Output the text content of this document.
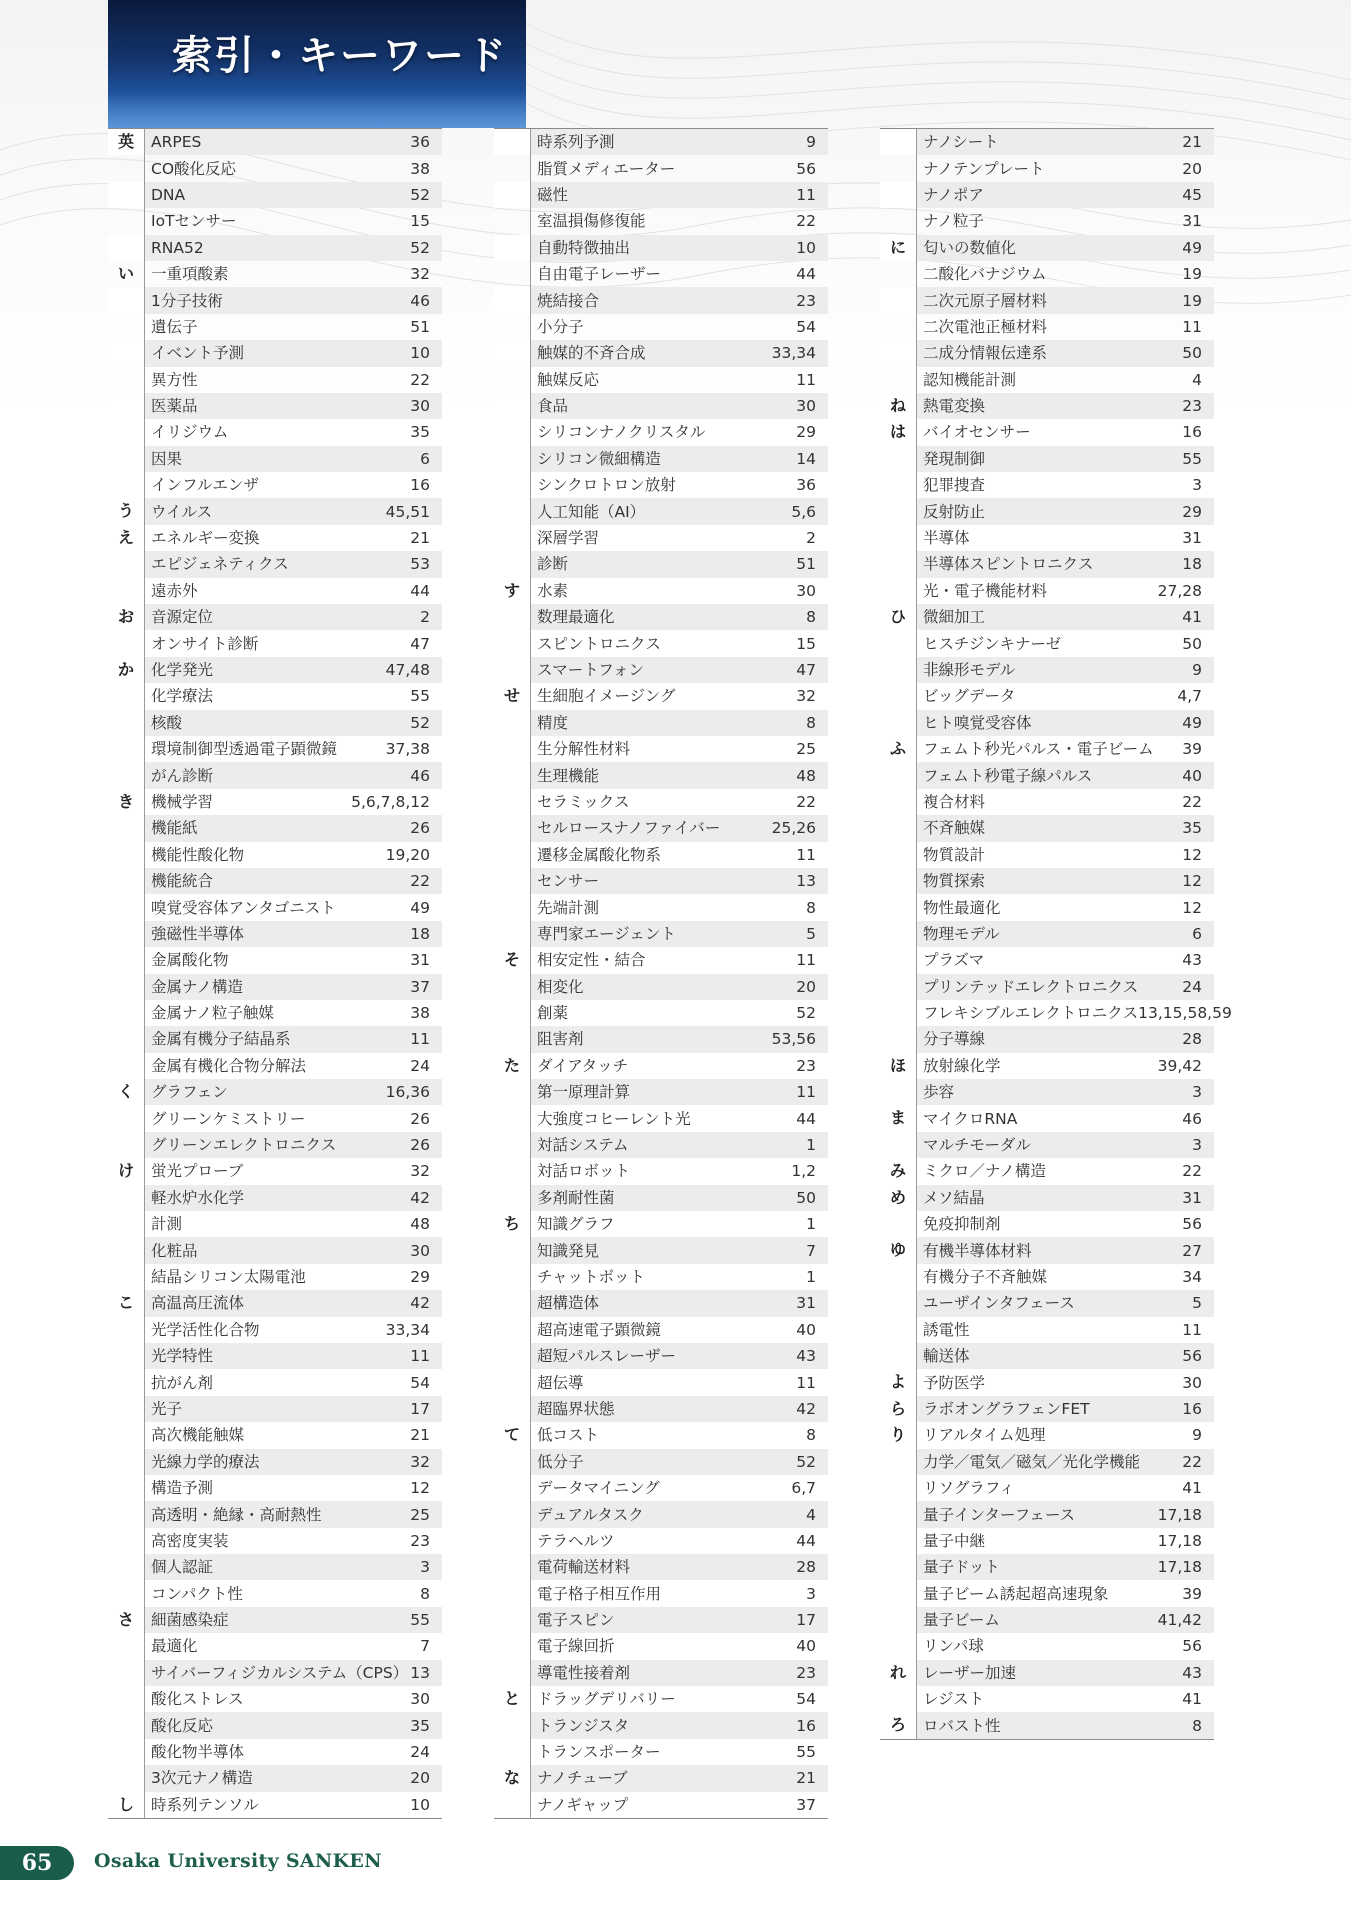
索引・キーワード
英	ARPES	36
CO酸化反応	38
DNA	52
IoTセンサー	15
RNA52	52
い	一重項酸素	32
1分子技術	46
遺伝子	51
イベント予測	10
異方性	22
医薬品	30
イリジウム	35
因果	6
インフルエンザ	16
う	ウイルス	45,51
え	エネルギー変換	21
エピジェネティクス	53
遠赤外	44
お	音源定位	2
オンサイト診断	47
か	化学発光	47,48
化学療法	55
核酸	52
環境制御型透過電子顕微鏡	37,38
がん診断	46
き	機械学習	5,6,7,8,12
機能紙	26
機能性酸化物	19,20
機能統合	22
嗅覚受容体アンタゴニスト	49
強磁性半導体	18
金属酸化物	31
金属ナノ構造	37
金属ナノ粒子触媒	38
金属有機分子結晶系	11
金属有機化合物分解法	24
く	グラフェン	16,36
グリーンケミストリー	26
グリーンエレクトロニクス	26
け	蛍光プローブ	32
軽水炉水化学	42
計測	48
化粧品	30
結晶シリコン太陽電池	29
こ	高温高圧流体	42
光学活性化合物	33,34
光学特性	11
抗がん剤	54
光子	17
高次機能触媒	21
光線力学的療法	32
構造予測	12
高透明・絶縁・高耐熱性	25
高密度実装	23
個人認証	3
コンパクト性	8
さ	細菌感染症	55
最適化	7
サイバーフィジカルシステム（CPS） 13
酸化ストレス	30
酸化反応	35
酸化物半導体	24
3次元ナノ構造	20
し	時系列テンソル	10
時系列予測	9
脂質メディエーター	56
磁性	11
室温損傷修復能	22
自動特徴抽出	10
自由電子レーザー	44
焼結接合	23
小分子	54
触媒的不斉合成	33,34
触媒反応	11
食品	30
シリコンナノクリスタル	29
シリコン微細構造	14
シンクロトロン放射	36
人工知能（AI）	5,6
深層学習	2
診断	51
す	水素	30
数理最適化	8
スピントロニクス	15
スマートフォン	47
せ	生細胞イメージング	32
精度	8
生分解性材料	25
生理機能	48
セラミックス	22
セルロースナノファイバー	25,26
遷移金属酸化物系	11
センサー	13
先端計測	8
専門家エージェント	5
そ	相安定性・結合	11
相変化	20
創薬	52
阻害剤	53,56
た	ダイアタッチ	23
第一原理計算	11
大強度コヒーレント光	44
対話システム	1
対話ロボット	1,2
多剤耐性菌	50
ち	知識グラフ	1
知識発見	7
チャットボット	1
超構造体	31
超高速電子顕微鏡	40
超短パルスレーザー	43
超伝導	11
超臨界状態	42
て	低コスト	8
低分子	52
データマイニング	6,7
デュアルタスク	4
テラヘルツ	44
電荷輸送材料	28
電子格子相互作用	3
電子スピン	17
電子線回折	40
導電性接着剤	23
と	ドラッグデリバリー	54
トランジスタ	16
トランスポーター	55
な	ナノチューブ	21
ナノギャップ	37
ナノシート	21
ナノテンプレート	20
ナノポア	45
ナノ粒子	31
に	匂いの数値化	49
二酸化バナジウム	19
二次元原子層材料	19
二次電池正極材料	11
二成分情報伝達系	50
認知機能計測	4
ね	熱電変換	23
は	バイオセンサー	16
発現制御	55
犯罪捜査	3
反射防止	29
半導体	31
半導体スピントロニクス	18
光・電子機能材料	27,28
ひ	微細加工	41
ヒスチジンキナーゼ	50
非線形モデル	9
ビッグデータ	4,7
ヒト嗅覚受容体	49
ふ	フェムト秒光パルス・電子ビーム	39
フェムト秒電子線パルス	40
複合材料	22
不斉触媒	35
物質設計	12
物質探索	12
物性最適化	12
物理モデル	6
プラズマ	43
プリンテッドエレクトロニクス	24
フレキシブルエレクトロニクス 13,15,58,59
分子導線	28
ほ	放射線化学	39,42
歩容	3
ま	マイクロRNA	46
マルチモーダル	3
み	ミクロ／ナノ構造	22
め	メソ結晶	31
免疫抑制剤	56
ゆ	有機半導体材料	27
有機分子不斉触媒	34
ユーザインタフェース	5
誘電性	11
輸送体	56
よ	予防医学	30
ら	ラボオングラフェンFET	16
り	リアルタイム処理	9
力学／電気／磁気／光化学機能	22
リソグラフィ	41
量子インターフェース	17,18
量子中継	17,18
量子ドット	17,18
量子ビーム誘起超高速現象	39
量子ビーム	41,42
リンパ球	56
れ	レーザー加速	43
レジスト	41
ろ	ロバスト性	8
65	Osaka University SANKEN
